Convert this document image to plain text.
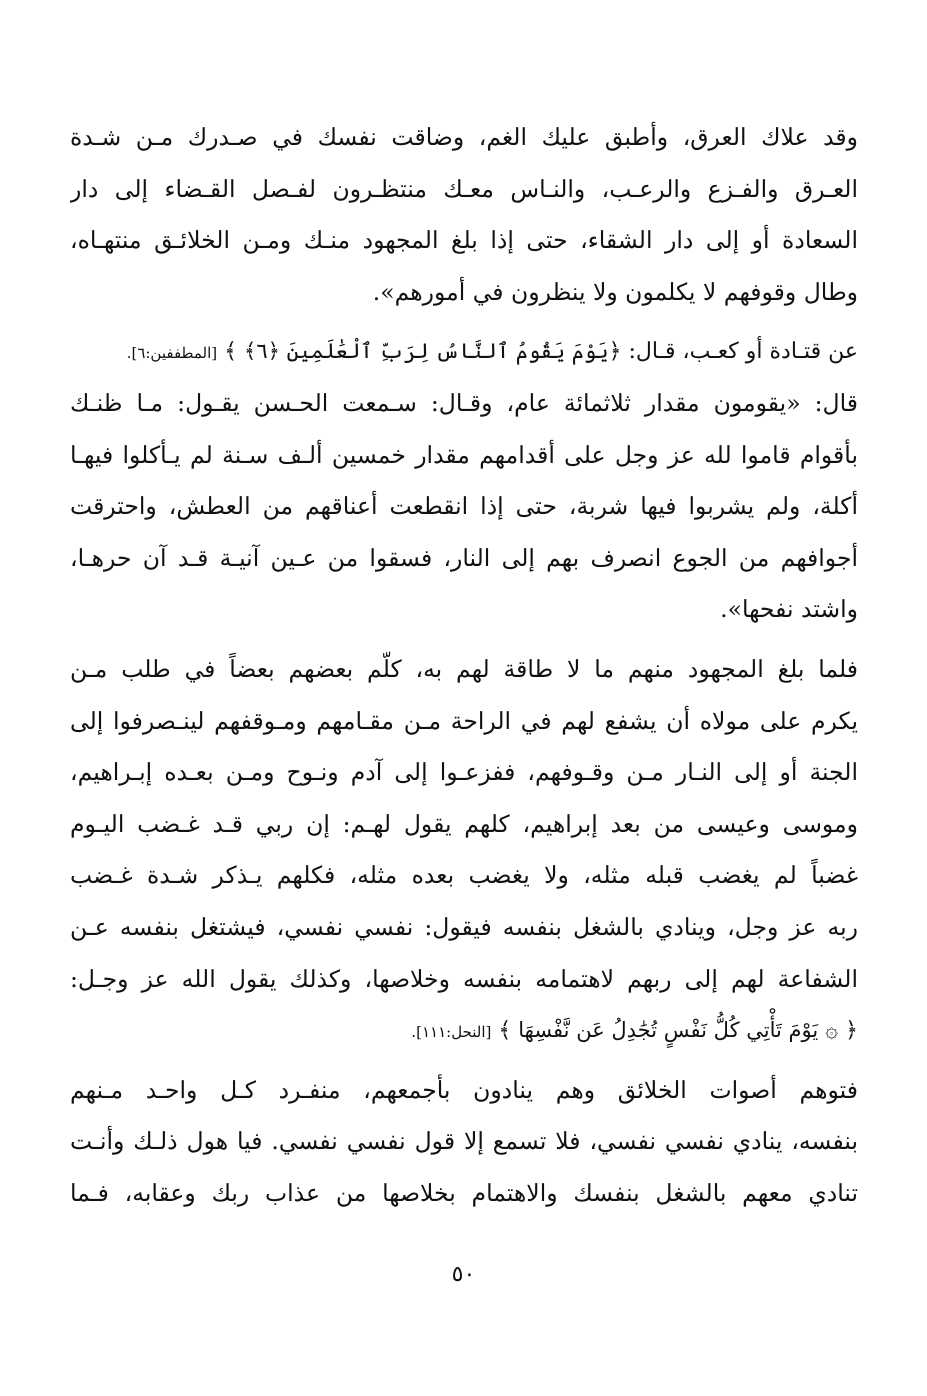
وقد علاك العرق، وأطبق عليك الغم، وضاقت نفسك في صـدرك مـن شـدة
العـرق والفـزع والرعـب، والنـاس معـك منتظـرون لفـصل القـضاء إلى دار
السعادة أو إلى دار الشقاء، حتى إذا بلغ المجهود منـك ومـن الخلائـق منتهـاه،
وطال وقوفهم لا يكلمون ولا ينظرون في أمورهم».
عن قتـادة أو كعـب، قـال: ﴿يَوْمَ يَقُومُ ٱلنَّاسُ لِرَبِّ ٱلْعَٰلَمِينَ ﴿٦﴾ ﴾ [المطففين:٦].
قال: «يقومون مقدار ثلاثمائة عام، وقـال: سـمعت الحـسن يقـول: مـا ظنـك
بأقوام قاموا لله عز وجل على أقدامهم مقدار خمسين ألـف سـنة لم يـأكلوا فيهـا
أكلة، ولم يشربوا فيها شربة، حتى إذا انقطعت أعناقهم من العطش، واحترقت
أجوافهم من الجوع انصرف بهم إلى النار، فسقوا من عـين آنيـة قـد آن حرهـا،
واشتد نفحها».
فلما بلغ المجهود منهم ما لا طاقة لهم به، كلّم بعضهم بعضاً في طلب مـن
يكرم على مولاه أن يشفع لهم في الراحة مـن مقـامهم ومـوقفهم لينـصرفوا إلى
الجنة أو إلى النـار مـن وقـوفهم، ففزعـوا إلى آدم ونـوح ومـن بعـده إبـراهيم،
وموسى وعيسى من بعد إبراهيم، كلهم يقول لهـم: إن ربي قـد غـضب اليـوم
غضباً لم يغضب قبله مثله، ولا يغضب بعده مثله، فكلهم يـذكر شـدة غـضب
ربه عز وجل، وينادي بالشغل بنفسه فيقول: نفسي نفسي، فيشتغل بنفسه عـن
الشفاعة لهم إلى ربهم لاهتمامه بنفسه وخلاصها، وكذلك يقول الله عز وجـل:
﴿ ۞ يَوْمَ تَأْتِي كُلُّ نَفْسٍ تُجَٰدِلُ عَن نَّفْسِهَا ﴾ [النحل:١١١].
فتوهم أصوات الخلائق وهم ينادون بأجمعهم، منفـرد كـل واحـد مـنهم
بنفسه، ينادي نفسي نفسي، فلا تسمع إلا قول نفسي نفسي. فيا هول ذلـك وأنـت
تنادي معهم بالشغل بنفسك والاهتمام بخلاصها من عذاب ربك وعقابه، فـما
٥٠
